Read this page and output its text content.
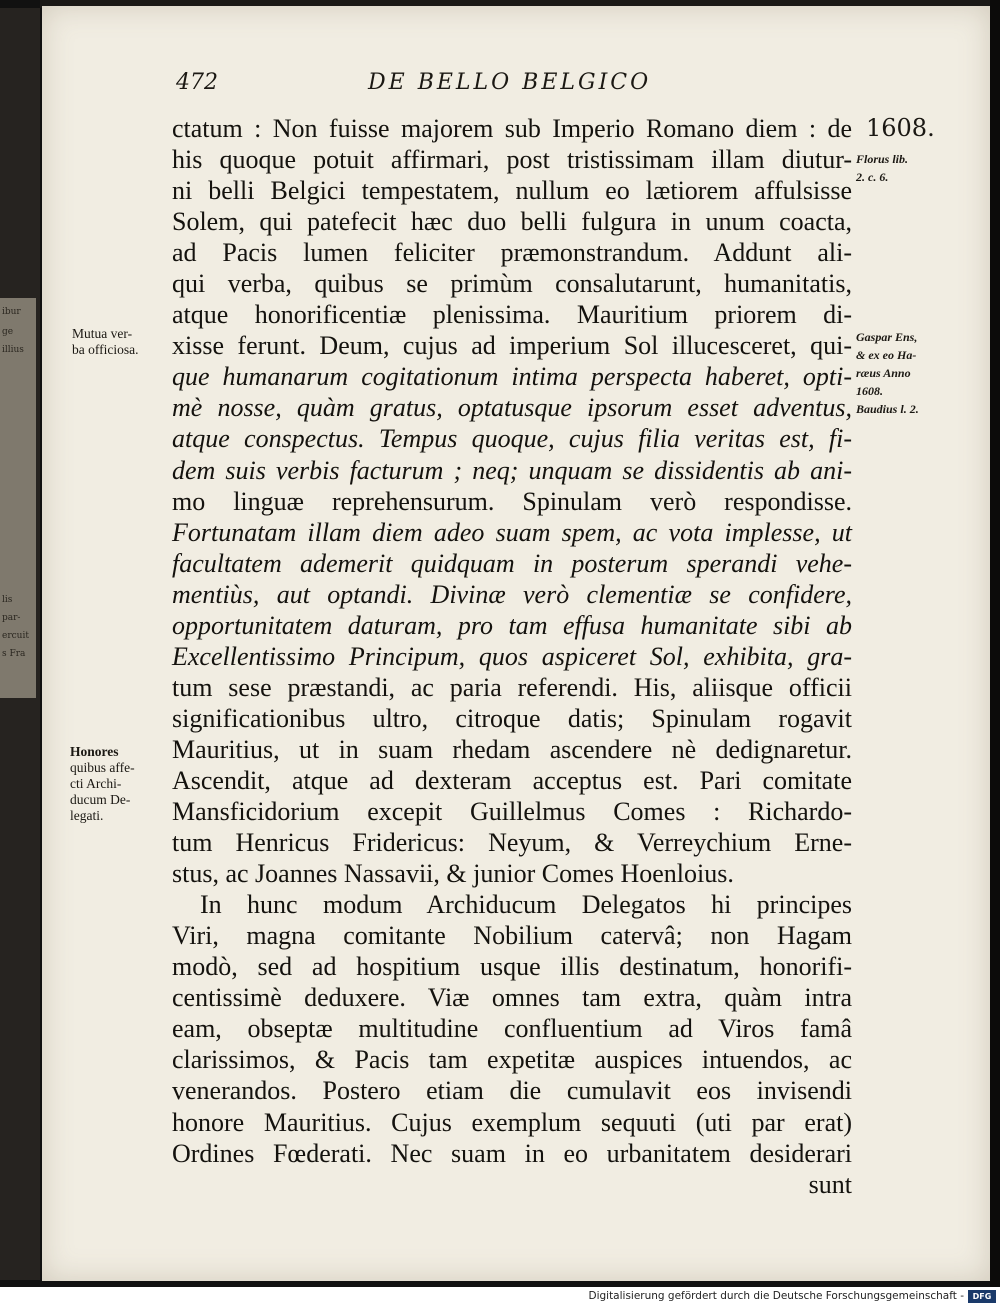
ibur
ge
illius
lis
par-
ercuit
s Fra
472	DE BELLO BELGICO
1608.
Mutua ver-
ba officiosa.
Honores
quibus affe-
cti Archi-
ducum De-
legati.
Florus lib.
2. c. 6.
Gaspar Ens,
& ex eo Ha-
ræus Anno
1608.
Baudius l. 2.
ctatum : Non fuisse majorem sub Imperio Romano diem : de
his quoque potuit affirmari, post tristissimam illam diutur-
ni belli Belgici tempestatem, nullum eo lætiorem affulsisse
Solem, qui patefecit hæc duo belli fulgura in unum coacta,
ad Pacis lumen feliciter præmonstrandum. Addunt ali-
qui verba, quibus se primùm consalutarunt, humanitatis,
atque honorificentiæ plenissima. Mauritium priorem di-
xisse ferunt. Deum, cujus ad imperium Sol illucesceret, qui-
que humanarum cogitationum intima perspecta haberet, opti-
mè nosse, quàm gratus, optatusque ipsorum esset adventus,
atque conspectus. Tempus quoque, cujus filia veritas est, fi-
dem suis verbis facturum ; neq; unquam se dissidentis ab ani-
mo linguæ reprehensurum. Spinulam verò respondisse.
Fortunatam illam diem adeo suam spem, ac vota implesse, ut
facultatem ademerit quidquam in posterum sperandi vehe-
mentiùs, aut optandi. Divinæ verò clementiæ se confidere,
opportunitatem daturam, pro tam effusa humanitate sibi ab
Excellentissimo Principum, quos aspiceret Sol, exhibita, gra-
tum sese præstandi, ac paria referendi. His, aliisque officii
significationibus ultro, citroque datis; Spinulam rogavit
Mauritius, ut in suam rhedam ascendere nè dedignaretur.
Ascendit, atque ad dexteram acceptus est. Pari comitate
Mansficidorium excepit Guillelmus Comes : Richardo-
tum Henricus Fridericus: Neyum, & Verreychium Erne-
stus, ac Joannes Nassavii, & junior Comes Hoenloius.
In hunc modum Archiducum Delegatos hi principes
Viri, magna comitante Nobilium catervâ; non Hagam
modò, sed ad hospitium usque illis destinatum, honorifi-
centissimè deduxere. Viæ omnes tam extra, quàm intra
eam, obseptæ multitudine confluentium ad Viros famâ
clarissimos, & Pacis tam expetitæ auspices intuendos, ac
venerandos. Postero etiam die cumulavit eos invisendi
honore Mauritius. Cujus exemplum sequuti (uti par erat)
Ordines Fœderati. Nec suam in eo urbanitatem desiderari
sunt
Digitalisierung gefördert durch die Deutsche Forschungsgemeinschaft -	DFG
